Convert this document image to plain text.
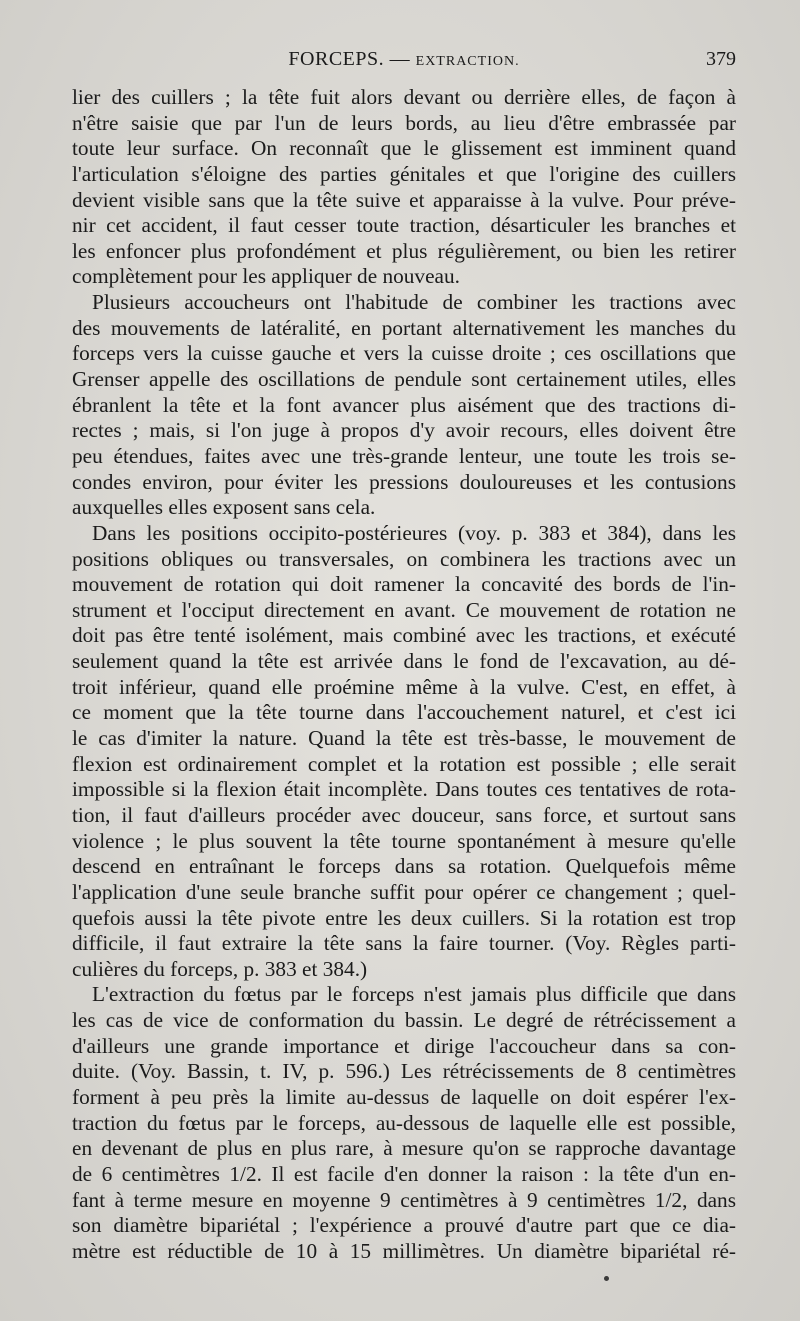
FORCEPS. — EXTRACTION.	379
lier des cuillers ; la tête fuit alors devant ou derrière elles, de façon à
n'être saisie que par l'un de leurs bords, au lieu d'être embrassée par
toute leur surface. On reconnaît que le glissement est imminent quand
l'articulation s'éloigne des parties génitales et que l'origine des cuillers
devient visible sans que la tête suive et apparaisse à la vulve. Pour préve-
nir cet accident, il faut cesser toute traction, désarticuler les branches et
les enfoncer plus profondément et plus régulièrement, ou bien les retirer
complètement pour les appliquer de nouveau.
Plusieurs accoucheurs ont l'habitude de combiner les tractions avec
des mouvements de latéralité, en portant alternativement les manches du
forceps vers la cuisse gauche et vers la cuisse droite ; ces oscillations que
Grenser appelle des oscillations de pendule sont certainement utiles, elles
ébranlent la tête et la font avancer plus aisément que des tractions di-
rectes ; mais, si l'on juge à propos d'y avoir recours, elles doivent être
peu étendues, faites avec une très-grande lenteur, une toute les trois se-
condes environ, pour éviter les pressions douloureuses et les contusions
auxquelles elles exposent sans cela.
Dans les positions occipito-postérieures (voy. p. 383 et 384), dans les
positions obliques ou transversales, on combinera les tractions avec un
mouvement de rotation qui doit ramener la concavité des bords de l'in-
strument et l'occiput directement en avant. Ce mouvement de rotation ne
doit pas être tenté isolément, mais combiné avec les tractions, et exécuté
seulement quand la tête est arrivée dans le fond de l'excavation, au dé-
troit inférieur, quand elle proémine même à la vulve. C'est, en effet, à
ce moment que la tête tourne dans l'accouchement naturel, et c'est ici
le cas d'imiter la nature. Quand la tête est très-basse, le mouvement de
flexion est ordinairement complet et la rotation est possible ; elle serait
impossible si la flexion était incomplète. Dans toutes ces tentatives de rota-
tion, il faut d'ailleurs procéder avec douceur, sans force, et surtout sans
violence ; le plus souvent la tête tourne spontanément à mesure qu'elle
descend en entraînant le forceps dans sa rotation. Quelquefois même
l'application d'une seule branche suffit pour opérer ce changement ; quel-
quefois aussi la tête pivote entre les deux cuillers. Si la rotation est trop
difficile, il faut extraire la tête sans la faire tourner. (Voy. Règles parti-
culières du forceps, p. 383 et 384.)
L'extraction du fœtus par le forceps n'est jamais plus difficile que dans
les cas de vice de conformation du bassin. Le degré de rétrécissement a
d'ailleurs une grande importance et dirige l'accoucheur dans sa con-
duite. (Voy. Bassin, t. IV, p. 596.) Les rétrécissements de 8 centimètres
forment à peu près la limite au-dessus de laquelle on doit espérer l'ex-
traction du fœtus par le forceps, au-dessous de laquelle elle est possible,
en devenant de plus en plus rare, à mesure qu'on se rapproche davantage
de 6 centimètres 1/2. Il est facile d'en donner la raison : la tête d'un en-
fant à terme mesure en moyenne 9 centimètres à 9 centimètres 1/2, dans
son diamètre bipariétal ; l'expérience a prouvé d'autre part que ce dia-
mètre est réductible de 10 à 15 millimètres. Un diamètre bipariétal ré-
